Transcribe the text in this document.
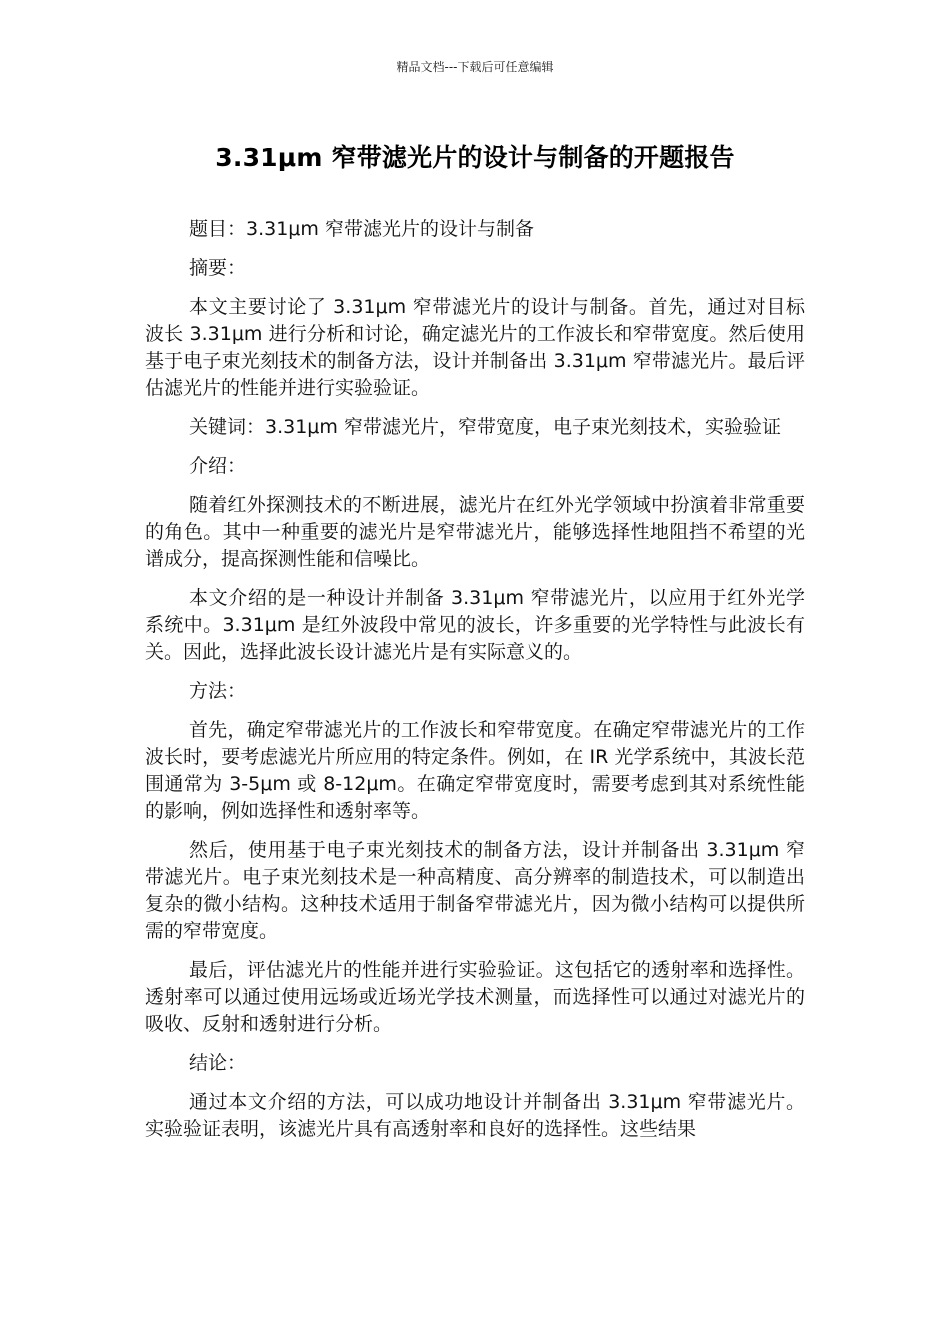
精品文档---下载后可任意编辑
3.31μm 窄带滤光片的设计与制备的开题报告

题目：3.31μm 窄带滤光片的设计与制备

摘要：

本文主要讨论了 3.31μm 窄带滤光片的设计与制备。首先，通过对目标波长 3.31μm 进行分析和讨论，确定滤光片的工作波长和窄带宽度。然后使用基于电子束光刻技术的制备方法，设计并制备出 3.31μm 窄带滤光片。最后评估滤光片的性能并进行实验验证。

关键词：3.31μm 窄带滤光片，窄带宽度，电子束光刻技术，实验验证

介绍：

随着红外探测技术的不断进展，滤光片在红外光学领域中扮演着非常重要的角色。其中一种重要的滤光片是窄带滤光片，能够选择性地阻挡不希望的光谱成分，提高探测性能和信噪比。

本文介绍的是一种设计并制备 3.31μm 窄带滤光片，以应用于红外光学系统中。3.31μm 是红外波段中常见的波长，许多重要的光学特性与此波长有关。因此，选择此波长设计滤光片是有实际意义的。

方法：

首先，确定窄带滤光片的工作波长和窄带宽度。在确定窄带滤光片的工作波长时，要考虑滤光片所应用的特定条件。例如，在 IR 光学系统中，其波长范围通常为 3-5μm 或 8-12μm。在确定窄带宽度时，需要考虑到其对系统性能的影响，例如选择性和透射率等。

然后，使用基于电子束光刻技术的制备方法，设计并制备出 3.31μm 窄带滤光片。电子束光刻技术是一种高精度、高分辨率的制造技术，可以制造出复杂的微小结构。这种技术适用于制备窄带滤光片，因为微小结构可以提供所需的窄带宽度。

最后，评估滤光片的性能并进行实验验证。这包括它的透射率和选择性。透射率可以通过使用远场或近场光学技术测量，而选择性可以通过对滤光片的吸收、反射和透射进行分析。

结论：

通过本文介绍的方法，可以成功地设计并制备出 3.31μm 窄带滤光片。实验验证表明，该滤光片具有高透射率和良好的选择性。这些结果
